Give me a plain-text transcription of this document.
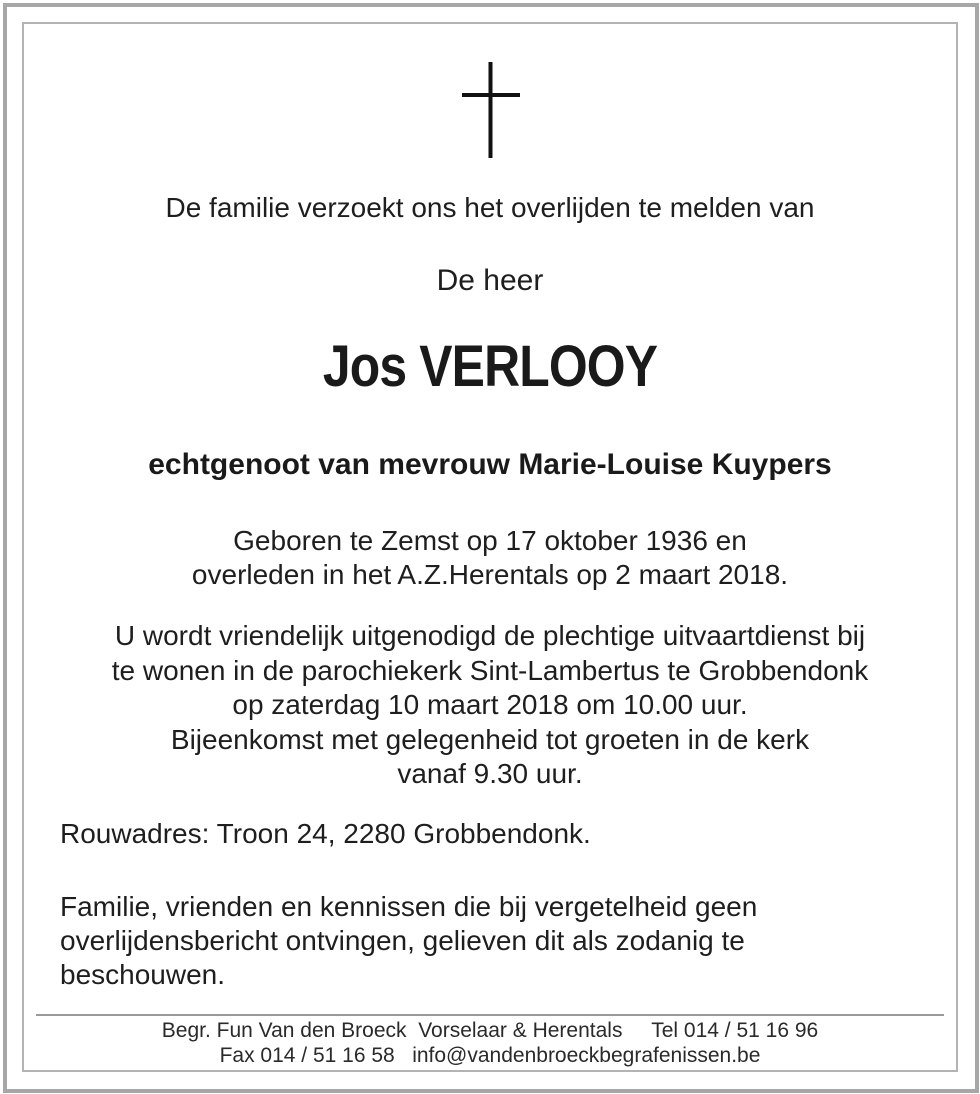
De familie verzoekt ons het overlijden te melden van
De heer
Jos VERLOOY
echtgenoot van mevrouw Marie-Louise Kuypers
Geboren te Zemst op 17 oktober 1936 en
overleden in het A.Z.Herentals op 2 maart 2018.
U wordt vriendelijk uitgenodigd de plechtige uitvaartdienst bij
te wonen in de parochiekerk Sint-Lambertus te Grobbendonk
op zaterdag 10 maart 2018 om 10.00 uur.
Bijeenkomst met gelegenheid tot groeten in de kerk
vanaf 9.30 uur.
Rouwadres: Troon 24, 2280 Grobbendonk.
Familie, vrienden en kennissen die bij vergetelheid geen
overlijdensbericht ontvingen, gelieven dit als zodanig te
beschouwen.
Begr. Fun Van den Broeck  Vorselaar & Herentals     Tel 014 / 51 16 96
Fax 014 / 51 16 58   info@vandenbroeckbegrafenissen.be
